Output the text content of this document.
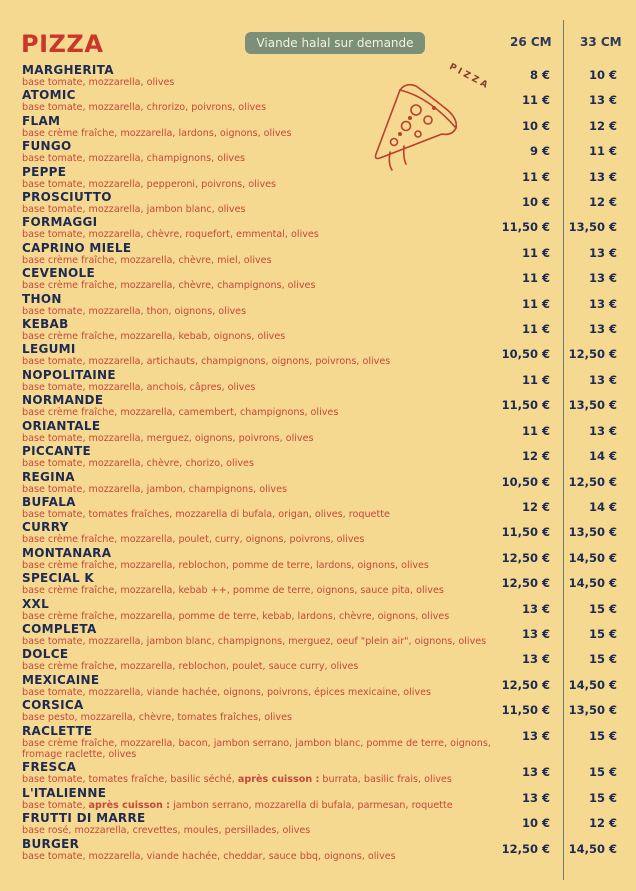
PIZZA	Viande halal sur demande	26 CM 33 CM
PIZZA
MARGHERITA
base tomate, mozzarella, olives
8 €	10 €
ATOMIC
base tomate, mozzarella, chrorizo, poivrons, olives
11 €	13 €
FLAM
base crème fraîche, mozzarella, lardons, oignons, olives
10 €	12 €
FUNGO
base tomate, mozzarella, champignons, olives
9 €	11 €
PEPPE
base tomate, mozzarella, pepperoni, poivrons, olives
11 €	13 €
PROSCIUTTO
base tomate, mozzarella, jambon blanc, olives
10 €	12 €
FORMAGGI
base tomate, mozzarella, chèvre, roquefort, emmental, olives
11,50 € 13,50 €
CAPRINO MIELE
base crème fraîche, mozzarella, chèvre, miel, olives
11 €	13 €
CEVENOLE
base crème fraîche, mozzarella, chèvre, champignons, olives
11 €	13 €
THON
base tomate, mozzarella, thon, oignons, olives
11 €	13 €
KEBAB
base crème fraîche, mozzarella, kebab, oignons, olives
11 €	13 €
LEGUMI
base tomate, mozzarella, artichauts, champignons, oignons, poivrons, olives
10,50 € 12,50 €
NOPOLITAINE
base tomate, mozzarella, anchois, câpres, olives
11 €	13 €
NORMANDE
base crème fraîche, mozzarella, camembert, champignons, olives
11,50 € 13,50 €
ORIANTALE
base tomate, mozzarella, merguez, oignons, poivrons, olives
11 €	13 €
PICCANTE
base tomate, mozzarella, chèvre, chorizo, olives
12 €	14 €
REGINA
base tomate, mozzarella, jambon, champignons, olives
10,50 € 12,50 €
BUFALA
base tomate, tomates fraîches, mozzarella di bufala, origan, olives, roquette
12 €	14 €
CURRY
base crème fraîche, mozzarella, poulet, curry, oignons, poivrons, olives
11,50 € 13,50 €
MONTANARA
base crème fraîche, mozzarella, reblochon, pomme de terre, lardons, oignons, olives
12,50 € 14,50 €
SPECIAL K
base crème fraîche, mozzarella, kebab ++, pomme de terre, oignons, sauce pita, olives
12,50 € 14,50 €
XXL
base crème fraîche, mozzarella, pomme de terre, kebab, lardons, chèvre, oignons, olives
13 €	15 €
COMPLETA
base tomate, mozzarella, jambon blanc, champignons, merguez, oeuf "plein air", oignons, olives
13 €	15 €
DOLCE
base crème fraîche, mozzarella, reblochon, poulet, sauce curry, olives
13 €	15 €
MEXICAINE
base tomate, mozzarella, viande hachée, oignons, poivrons, épices mexicaine, olives
12,50 € 14,50 €
CORSICA
base pesto, mozzarella, chèvre, tomates fraîches, olives
11,50 € 13,50 €
RACLETTE
base crème fraîche, mozzarella, bacon, jambon serrano, jambon blanc, pomme de terre, oignons, fromage raclette, olives
13 €	15 €
FRESCA
base tomate, tomates fraîche, basilic séché, après cuisson : burrata, basilic frais, olives
13 €	15 €
L'ITALIENNE
base tomate, après cuisson : jambon serrano, mozzarella di bufala, parmesan, roquette
13 €	15 €
FRUTTI DI MARRE
base rosé, mozzarella, crevettes, moules, persillades, olives
10 €	12 €
BURGER
base tomate, mozzarella, viande hachée, cheddar, sauce bbq, oignons, olives
12,50 € 14,50 €
